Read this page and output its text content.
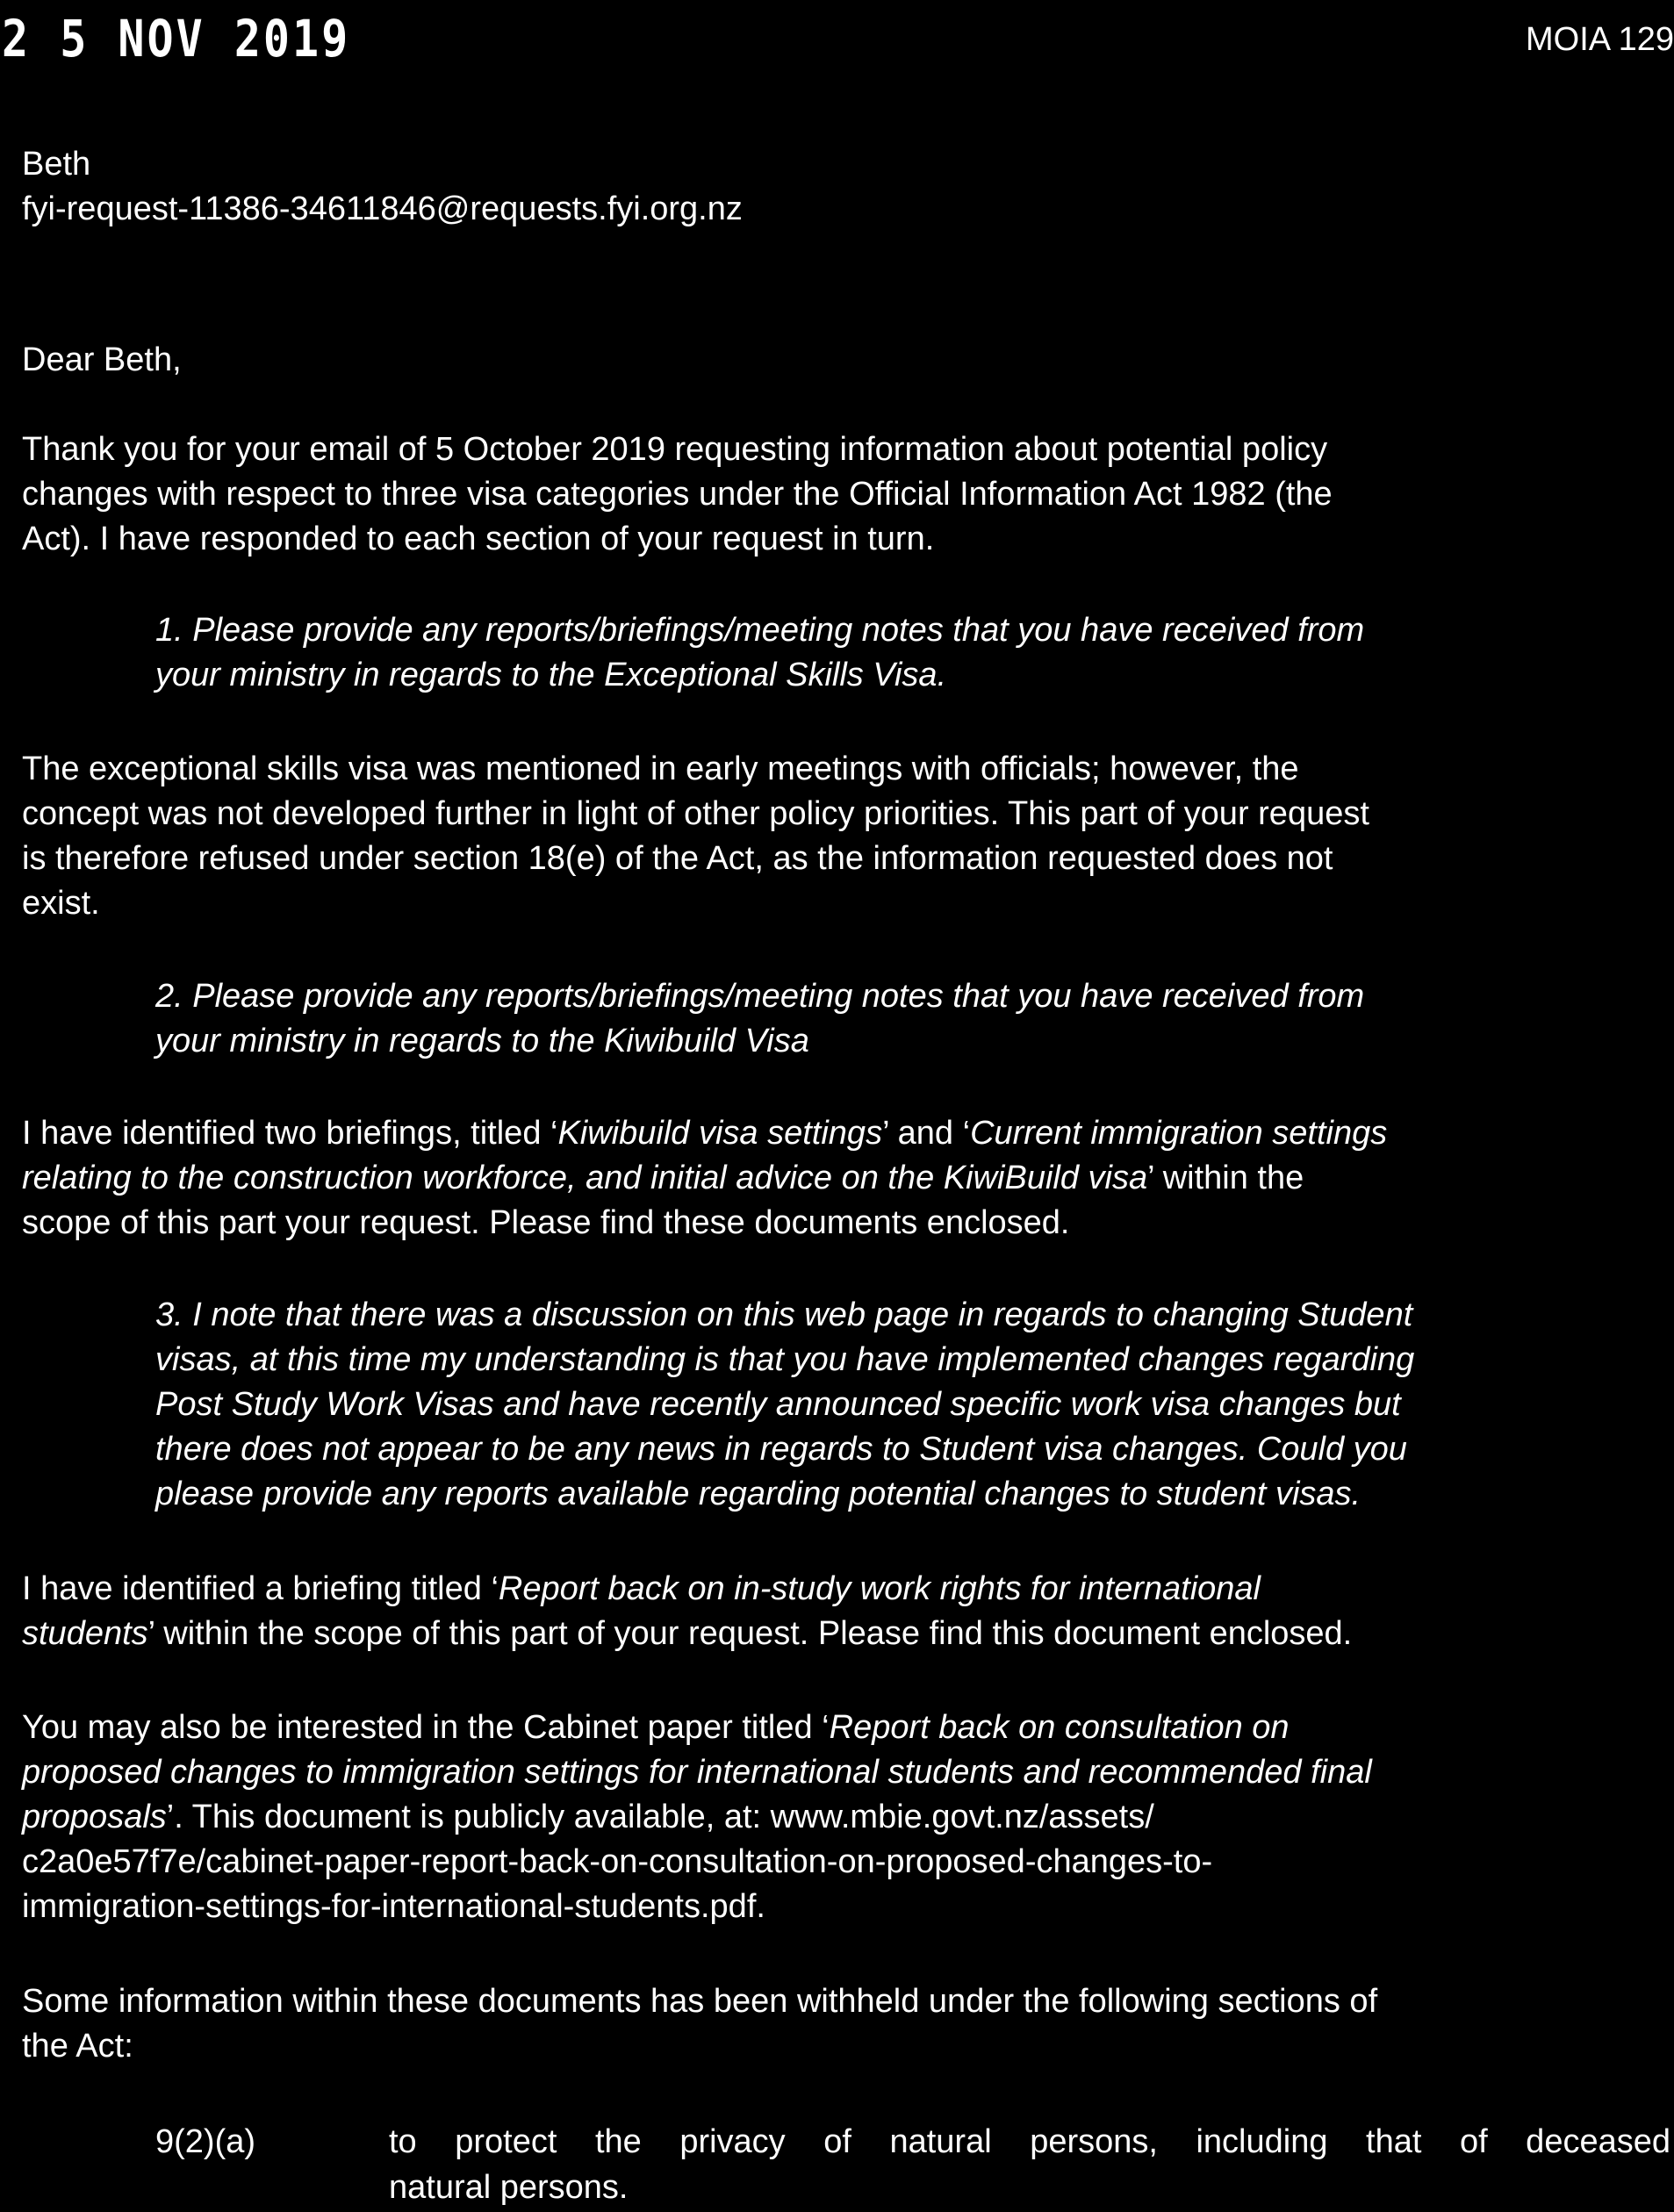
2 5 NOV 2019	MOIA 129
Beth
fyi-request-11386-34611846@requests.fyi.org.nz
Dear Beth,
Thank you for your email of 5 October 2019 requesting information about potential policy
changes with respect to three visa categories under the Official Information Act 1982 (the
Act). I have responded to each section of your request in turn.
1. Please provide any reports/briefings/meeting notes that you have received from
your ministry in regards to the Exceptional Skills Visa.
The exceptional skills visa was mentioned in early meetings with officials; however, the
concept was not developed further in light of other policy priorities. This part of your request
is therefore refused under section 18(e) of the Act, as the information requested does not
exist.
2. Please provide any reports/briefings/meeting notes that you have received from
your ministry in regards to the Kiwibuild Visa
I have identified two briefings, titled ‘Kiwibuild visa settings’ and ‘Current immigration settings
relating to the construction workforce, and initial advice on the KiwiBuild visa’ within the
scope of this part your request. Please find these documents enclosed.
3. I note that there was a discussion on this web page in regards to changing Student
visas, at this time my understanding is that you have implemented changes regarding
Post Study Work Visas and have recently announced specific work visa changes but
there does not appear to be any news in regards to Student visa changes. Could you
please provide any reports available regarding potential changes to student visas.
I have identified a briefing titled ‘Report back on in-study work rights for international
students’ within the scope of this part of your request. Please find this document enclosed.
You may also be interested in the Cabinet paper titled ‘Report back on consultation on
proposed changes to immigration settings for international students and recommended final
proposals’. This document is publicly available, at: www.mbie.govt.nz/assets/
c2a0e57f7e/cabinet-paper-report-back-on-consultation-on-proposed-changes-to-
immigration-settings-for-international-students.pdf.
Some information within these documents has been withheld under the following sections of
the Act:
9(2)(a)	to protect the privacy of natural persons, including that of deceased
natural persons.
